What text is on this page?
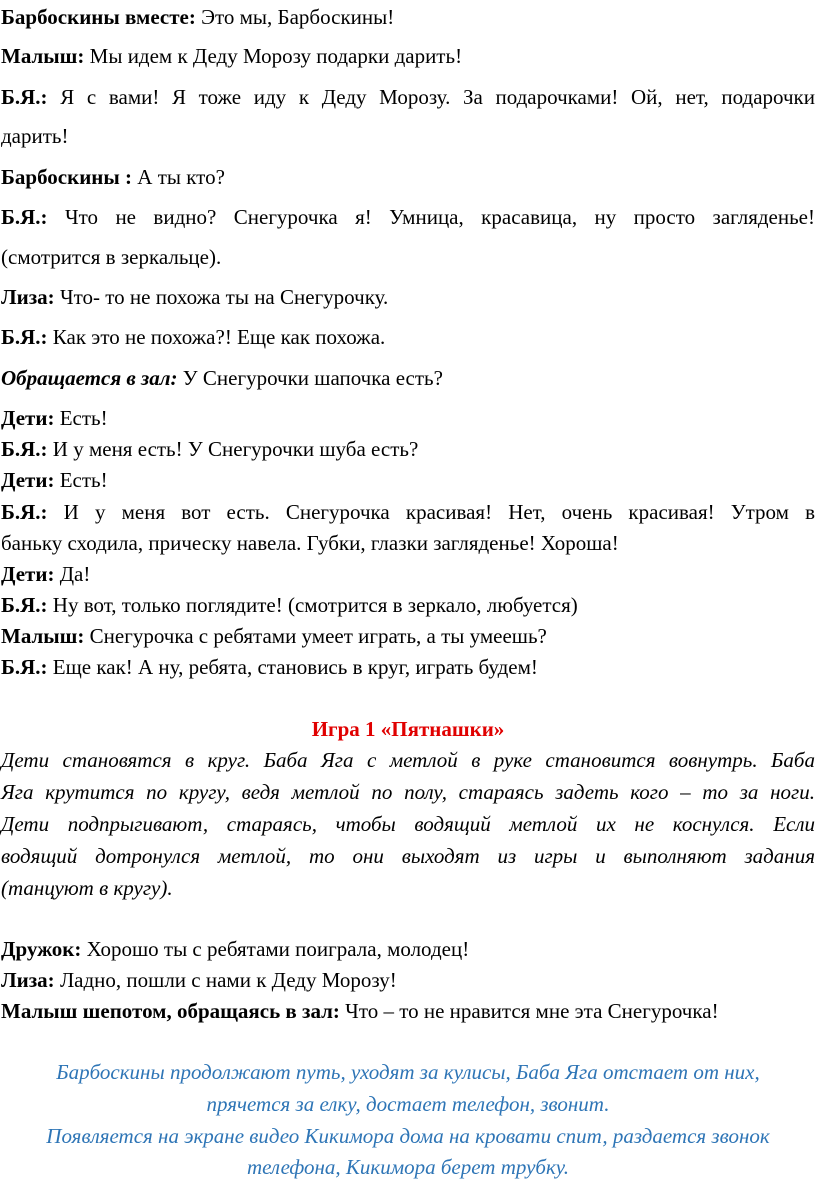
Барбоскины вместе: Это мы, Барбоскины!
Малыш: Мы идем к Деду Морозу подарки дарить!
Б.Я.: Я с вами! Я тоже иду к Деду Морозу. За подарочками! Ой, нет, подарочки
дарить!
Барбоскины : А ты кто?
Б.Я.: Что не видно? Снегурочка я! Умница, красавица, ну просто загляденье!
(смотрится в зеркальце).
Лиза: Что- то не похожа ты на Снегурочку.
Б.Я.: Как это не похожа?! Еще как похожа.
Обращается в зал: У Снегурочки шапочка есть?
Дети: Есть!
Б.Я.: И у меня есть! У Снегурочки шуба есть?
Дети: Есть!
Б.Я.: И у меня вот есть. Снегурочка красивая! Нет, очень красивая! Утром в
баньку сходила, прическу навела. Губки, глазки загляденье! Хороша!
Дети: Да!
Б.Я.: Ну вот, только поглядите! (смотрится в зеркало, любуется)
Малыш: Снегурочка с ребятами умеет играть, а ты умеешь?
Б.Я.: Еще как! А ну, ребята, становись в круг, играть будем!
Игра 1 «Пятнашки»
Дети становятся в круг. Баба Яга с метлой в руке становится вовнутрь. Баба
Яга крутится по кругу, ведя метлой по полу, стараясь задеть кого – то за ноги.
Дети подпрыгивают, стараясь, чтобы водящий метлой их не коснулся. Если
водящий дотронулся метлой, то они выходят из игры и выполняют задания
(танцуют в кругу).
Дружок: Хорошо ты с ребятами поиграла, молодец!
Лиза: Ладно, пошли с нами к Деду Морозу!
Малыш шепотом, обращаясь в зал: Что – то не нравится мне эта Снегурочка!
Барбоскины продолжают путь, уходят за кулисы, Баба Яга отстает от них,
прячется за елку, достает телефон, звонит.
Появляется на экране видео Кикимора дома на кровати спит, раздается звонок
телефона, Кикимора берет трубку.
